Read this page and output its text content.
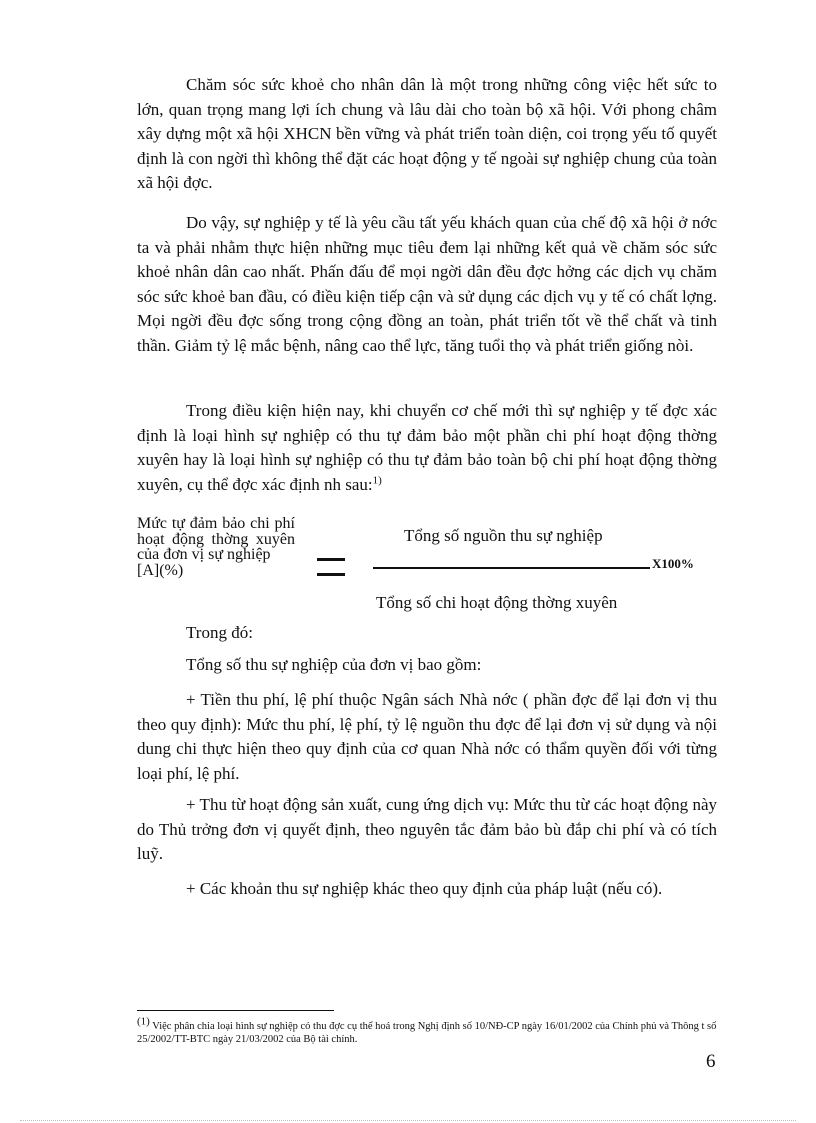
Chăm sóc sức khoẻ cho nhân dân là một trong những công việc hết sức to lớn, quan trọng mang lợi ích chung và lâu dài cho toàn bộ xã hội. Với phong châm xây dựng một xã hội XHCN bền vững và phát triển toàn diện, coi trọng yếu tố quyết định là con ngời thì không thể đặt các hoạt động y tế ngoài sự nghiệp chung của toàn xã hội đợc.

Do vậy, sự nghiệp y tế là yêu cầu tất yếu khách quan của chế độ xã hội ở nớc ta và phải nhằm thực hiện những mục tiêu đem lại những kết quả về chăm sóc sức khoẻ nhân dân cao nhất. Phấn đấu để mọi ngời dân đều đợc hởng các dịch vụ chăm sóc sức khoẻ ban đầu, có điều kiện tiếp cận và sử dụng các dịch vụ y tế có chất lợng. Mọi ngời đều đợc sống trong cộng đồng an toàn, phát triển tốt về thể chất và tinh thần. Giảm tỷ lệ mắc bệnh, nâng cao thể lực, tăng tuổi thọ và phát triển giống nòi.

Trong điều kiện hiện nay, khi chuyển cơ chế mới thì sự nghiệp y tế đợc xác định là loại hình sự nghiệp có thu tự đảm bảo một phần chi phí hoạt động thờng xuyên hay là loại hình sự nghiệp có thu tự đảm bảo toàn bộ chi phí hoạt động thờng xuyên, cụ thể đợc xác định nh sau:$^{1)}$

Mức tự đảm bảo chi phí hoạt động thờng xuyên của đơn vị sự nghiệp
[A](%)

Tổng số nguồn thu sự nghiệp

X100%

Tổng số chi hoạt động thờng xuyên

Trong đó:

Tổng số thu sự nghiệp của đơn vị bao gồm:

+ Tiền thu phí, lệ phí thuộc Ngân sách Nhà nớc ( phần đợc để lại đơn vị thu theo quy định): Mức thu phí, lệ phí, tỷ lệ nguồn thu đợc để lại đơn vị sử dụng và nội dung chi thực hiện theo quy định của cơ quan Nhà nớc có thẩm quyền đối với từng loại phí, lệ phí.

+ Thu từ hoạt động sản xuất, cung ứng dịch vụ: Mức thu từ các hoạt động này do Thủ trởng đơn vị quyết định, theo nguyên tắc đảm bảo bù đắp chi phí và có tích luỹ.

+ Các khoản thu sự nghiệp khác theo quy định của pháp luật (nếu có).

(1) Việc phân chia loại hình sự nghiệp có thu đợc cụ thể hoá trong Nghị định số 10/NĐ-CP ngày 16/01/2002 của Chính phủ và Thông t số 25/2002/TT-BTC ngày 21/03/2002 của Bộ tài chính.

6
